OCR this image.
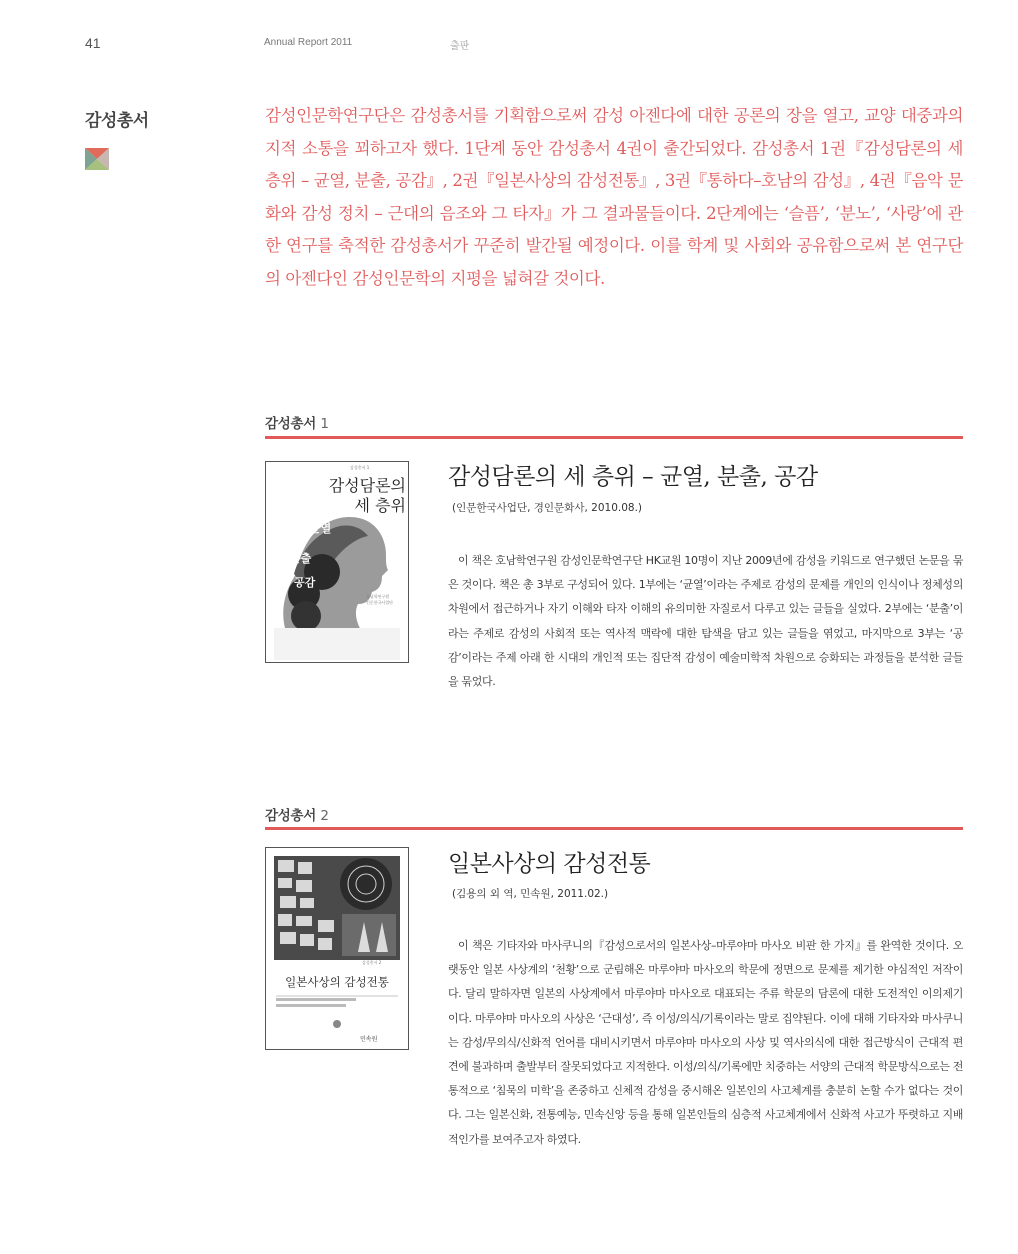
41	Annual Report 2011	출판
감성총서	감성인문학연구단은 감성총서를 기획함으로써 감성 아젠다에 대한 공론의 장을 열고, 교양 대중과의 지적 소통을 꾀하고자 했다. 1단계 동안 감성총서 4권이 출간되었다. 감성총서 1권『감성담론의 세 층위 – 균열, 분출, 공감』, 2권『일본사상의 감성전통』, 3권『통하다–호남의 감성』, 4권『음악 문화와 감성 정치 – 근대의 음조와 그 타자』가 그 결과물들이다. 2단계에는 ‘슬픔’, ‘분노’, ‘사랑’에 관한 연구를 축적한 감성총서가 꾸준히 발간될 예정이다. 이를 학계 및 사회와 공유함으로써 본 연구단의 아젠다인 감성인문학의 지평을 넓혀갈 것이다.
감성총서 1
감성총서 1
감성담론의
세 층위
균열
분출
공감
호남학연구원
인문한국사업단
감성담론의 세 층위 – 균열, 분출, 공감
(인문한국사업단, 경인문화사, 2010.08.)
이 책은 호남학연구원 감성인문학연구단 HK교원 10명이 지난 2009년에 감성을 키워드로 연구했던 논문을 묶은 것이다. 책은 총 3부로 구성되어 있다. 1부에는 ‘균열’이라는 주제로 감성의 문제를 개인의 인식이나 정체성의 차원에서 접근하거나 자기 이해와 타자 이해의 유의미한 자질로서 다루고 있는 글들을 실었다. 2부에는 ‘분출’이라는 주제로 감성의 사회적 또는 역사적 맥락에 대한 탐색을 담고 있는 글들을 엮었고, 마지막으로 3부는 ‘공감’이라는 주제 아래 한 시대의 개인적 또는 집단적 감성이 예술미학적 차원으로 승화되는 과정들을 분석한 글들을 묶었다.
감성총서 2
감성총서 2
일본사상의 감성전통
민속원
일본사상의 감성전통
(김용의 외 역, 민속원, 2011.02.)
이 책은 기타자와 마사쿠니의『감성으로서의 일본사상–마루야마 마사오 비판 한 가지』를 완역한 것이다. 오랫동안 일본 사상계의 ‘천황’으로 군림해온 마루야마 마사오의 학문에 정면으로 문제를 제기한 야심적인 저작이다. 달리 말하자면 일본의 사상계에서 마루야마 마사오로 대표되는 주류 학문의 담론에 대한 도전적인 이의제기이다. 마루야마 마사오의 사상은 ‘근대성’, 즉 이성/의식/기록이라는 말로 집약된다. 이에 대해 기타자와 마사쿠니는 감성/무의식/신화적 언어를 대비시키면서 마루야마 마사오의 사상 및 역사의식에 대한 접근방식이 근대적 편견에 불과하며 출발부터 잘못되었다고 지적한다. 이성/의식/기록에만 치중하는 서양의 근대적 학문방식으로는 전통적으로 ‘침묵의 미학’을 존중하고 신체적 감성을 중시해온 일본인의 사고체계를 충분히 논할 수가 없다는 것이다. 그는 일본신화, 전통예능, 민속신앙 등을 통해 일본인들의 심층적 사고체계에서 신화적 사고가 뚜렷하고 지배적인가를 보여주고자 하였다.
